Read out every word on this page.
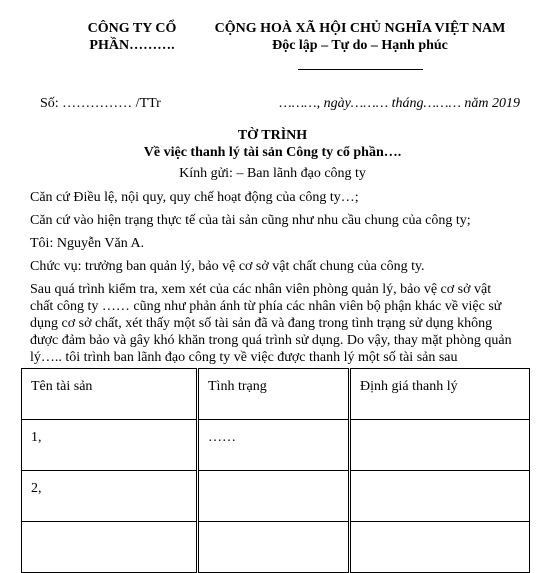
CÔNG TY CỔ
PHẦN……….
CỘNG HOÀ XÃ HỘI CHỦ NGHĨA VIỆT NAM
Độc lập – Tự do – Hạnh phúc
Số: …………… /TTr	………, ngày……… tháng……… năm 2019
TỜ TRÌNH
Về việc thanh lý tài sản Công ty cổ phần….
Kính gửi: – Ban lãnh đạo công ty
Căn cứ Điều lệ, nội quy, quy chế hoạt động của công ty…;
Căn cứ vào hiện trạng thực tế của tài sản cũng như nhu cầu chung của công ty;
Tôi: Nguyễn Văn A.
Chức vụ: trưởng ban quản lý, bảo vệ cơ sở vật chất chung của công ty.
Sau quá trình kiểm tra, xem xét của các nhân viên phòng quản lý, bảo vệ cơ sở vật
chất công ty …… cũng như phản ánh từ phía các nhân viên bộ phận khác về việc sử
dụng cơ sở chất, xét thấy một số tài sản đã và đang trong tình trạng sử dụng không
được đảm bảo và gây khó khăn trong quá trình sử dụng. Do vậy, thay mặt phòng quản
lý….. tôi trình ban lãnh đạo công ty về việc được thanh lý một số tài sản sau
Tên tài sản	Tình trạng	Định giá thanh lý
1,	……	
2,		
